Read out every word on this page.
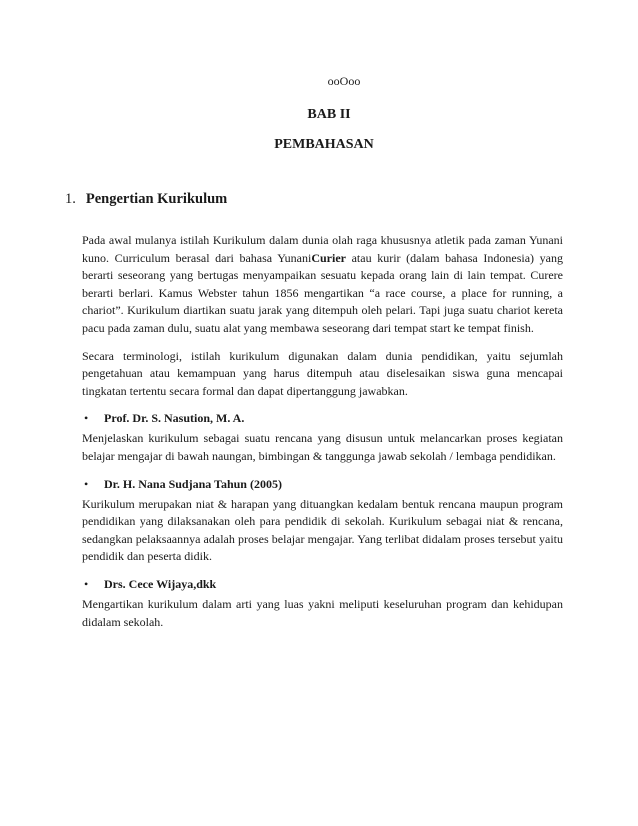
ooOoo
BAB II
PEMBAHASAN
1. Pengertian Kurikulum

Pada awal mulanya istilah Kurikulum dalam dunia olah raga khususnya atletik pada zaman Yunani kuno. Curriculum berasal dari bahasa YunaniCurier atau kurir (dalam bahasa Indonesia) yang berarti seseorang yang bertugas menyampaikan sesuatu kepada orang lain di lain tempat. Curere berarti berlari. Kamus Webster tahun 1856 mengartikan “a race course, a place for running, a chariot”. Kurikulum diartikan suatu jarak yang ditempuh oleh pelari. Tapi juga suatu chariot kereta pacu pada zaman dulu, suatu alat yang membawa seseorang dari tempat start ke tempat finish.

Secara terminologi, istilah kurikulum digunakan dalam dunia pendidikan, yaitu sejumlah pengetahuan atau kemampuan yang harus ditempuh atau diselesaikan siswa guna mencapai tingkatan tertentu secara formal dan dapat dipertanggung jawabkan.

• Prof. Dr. S. Nasution, M. A.

Menjelaskan kurikulum sebagai suatu rencana yang disusun untuk melancarkan proses kegiatan belajar mengajar di bawah naungan, bimbingan & tanggunga jawab sekolah / lembaga pendidikan.

• Dr. H. Nana Sudjana Tahun (2005)

Kurikulum merupakan niat & harapan yang dituangkan kedalam bentuk rencana maupun program pendidikan yang dilaksanakan oleh para pendidik di sekolah. Kurikulum sebagai niat & rencana, sedangkan pelaksaannya adalah proses belajar mengajar. Yang terlibat didalam proses tersebut yaitu pendidik dan peserta didik.

• Drs. Cece Wijaya,dkk

Mengartikan kurikulum dalam arti yang luas yakni meliputi keseluruhan program dan kehidupan didalam sekolah.
